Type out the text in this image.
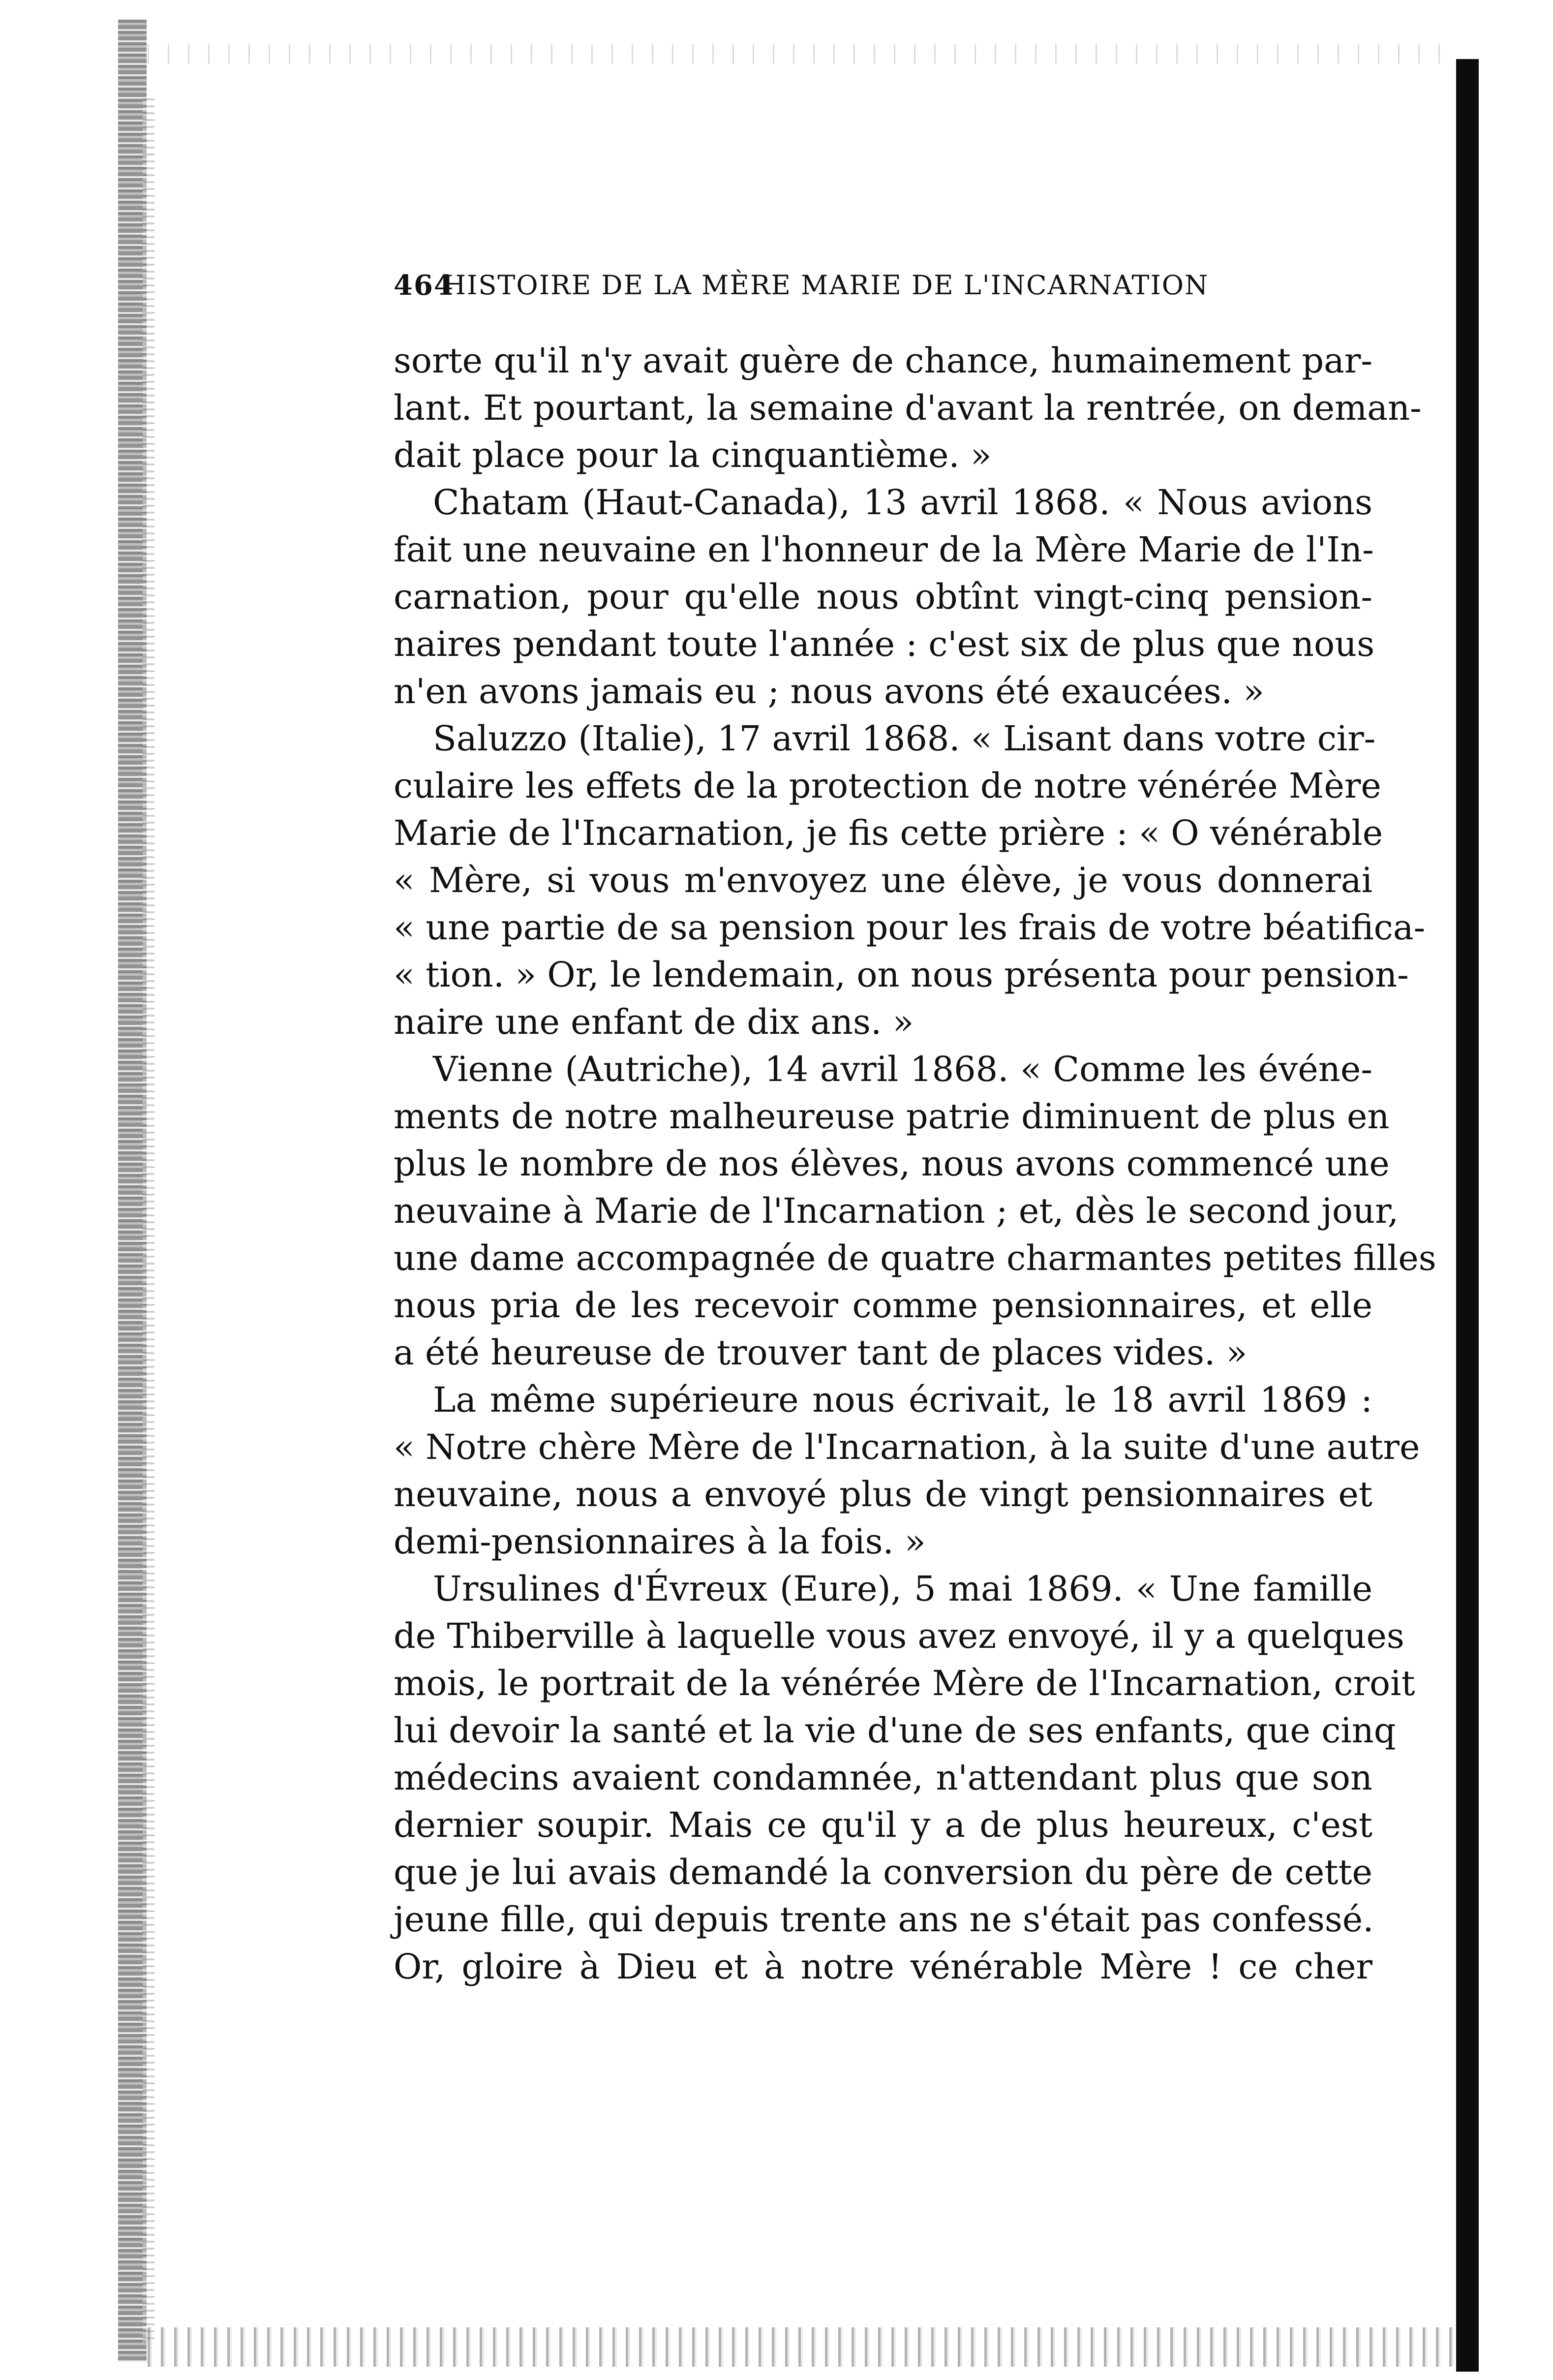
464
HISTOIRE DE LA MÈRE MARIE DE L'INCARNATION
sorte qu'il n'y avait guère de chance, humainement par-
lant. Et pourtant, la semaine d'avant la rentrée, on deman-
dait place pour la cinquantième. »
Chatam (Haut-Canada), 13 avril 1868. « Nous avions
fait une neuvaine en l'honneur de la Mère Marie de l'In-
carnation, pour qu'elle nous obtînt vingt-cinq pension-
naires pendant toute l'année : c'est six de plus que nous
n'en avons jamais eu ; nous avons été exaucées. »
Saluzzo (Italie), 17 avril 1868. « Lisant dans votre cir-
culaire les effets de la protection de notre vénérée Mère
Marie de l'Incarnation, je fis cette prière : « O vénérable
« Mère, si vous m'envoyez une élève, je vous donnerai
« une partie de sa pension pour les frais de votre béatifica-
« tion. » Or, le lendemain, on nous présenta pour pension-
naire une enfant de dix ans. »
Vienne (Autriche), 14 avril 1868. « Comme les événe-
ments de notre malheureuse patrie diminuent de plus en
plus le nombre de nos élèves, nous avons commencé une
neuvaine à Marie de l'Incarnation ; et, dès le second jour,
une dame accompagnée de quatre charmantes petites filles
nous pria de les recevoir comme pensionnaires, et elle
a été heureuse de trouver tant de places vides. »
La même supérieure nous écrivait, le 18 avril 1869 :
« Notre chère Mère de l'Incarnation, à la suite d'une autre
neuvaine, nous a envoyé plus de vingt pensionnaires et
demi-pensionnaires à la fois. »
Ursulines d'Évreux (Eure), 5 mai 1869. « Une famille
de Thiberville à laquelle vous avez envoyé, il y a quelques
mois, le portrait de la vénérée Mère de l'Incarnation, croit
lui devoir la santé et la vie d'une de ses enfants, que cinq
médecins avaient condamnée, n'attendant plus que son
dernier soupir. Mais ce qu'il y a de plus heureux, c'est
que je lui avais demandé la conversion du père de cette
jeune fille, qui depuis trente ans ne s'était pas confessé.
Or, gloire à Dieu et à notre vénérable Mère ! ce cher
